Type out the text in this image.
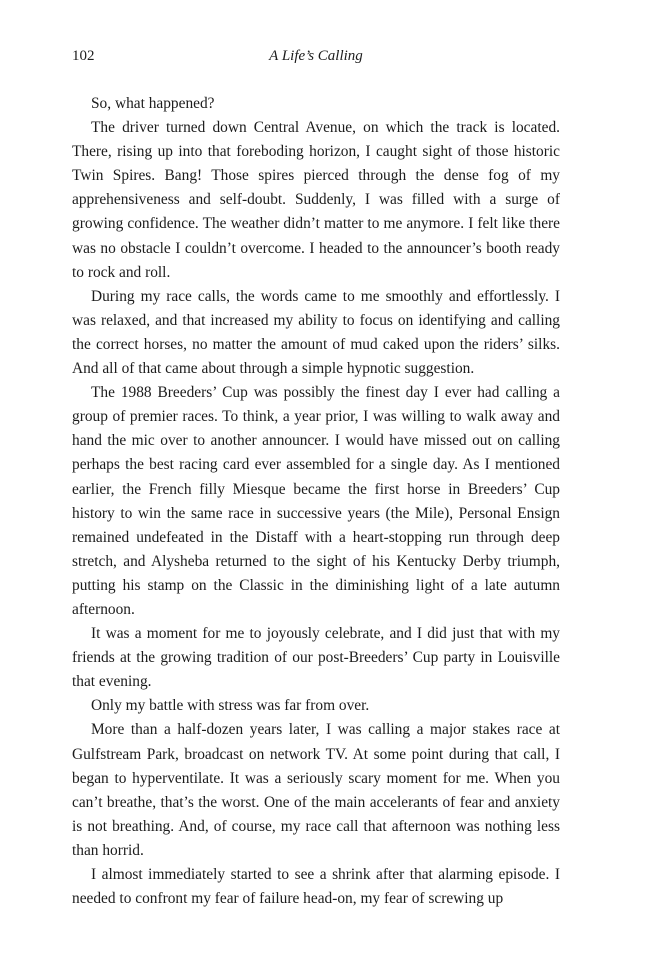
102	A Life’s Calling

So, what happened?

The driver turned down Central Avenue, on which the track is located. There, rising up into that foreboding horizon, I caught sight of those historic Twin Spires. Bang! Those spires pierced through the dense fog of my apprehensiveness and self-doubt. Suddenly, I was filled with a surge of growing confidence. The weather didn’t matter to me anymore. I felt like there was no obstacle I couldn’t overcome. I headed to the announcer’s booth ready to rock and roll.

During my race calls, the words came to me smoothly and effortlessly. I was relaxed, and that increased my ability to focus on identifying and calling the correct horses, no matter the amount of mud caked upon the riders’ silks. And all of that came about through a simple hypnotic suggestion.

The 1988 Breeders’ Cup was possibly the finest day I ever had calling a group of premier races. To think, a year prior, I was willing to walk away and hand the mic over to another announcer. I would have missed out on calling perhaps the best racing card ever assembled for a single day. As I mentioned earlier, the French filly Miesque became the first horse in Breeders’ Cup history to win the same race in successive years (the Mile), Personal Ensign remained undefeated in the Distaff with a heart-stopping run through deep stretch, and Alysheba returned to the sight of his Kentucky Derby triumph, putting his stamp on the Classic in the diminishing light of a late autumn afternoon.

It was a moment for me to joyously celebrate, and I did just that with my friends at the growing tradition of our post-Breeders’ Cup party in Louisville that evening.

Only my battle with stress was far from over.

More than a half-dozen years later, I was calling a major stakes race at Gulfstream Park, broadcast on network TV. At some point during that call, I began to hyperventilate. It was a seriously scary moment for me. When you can’t breathe, that’s the worst. One of the main accelerants of fear and anxiety is not breathing. And, of course, my race call that afternoon was nothing less than horrid.

I almost immediately started to see a shrink after that alarming episode. I needed to confront my fear of failure head-on, my fear of screwing up
